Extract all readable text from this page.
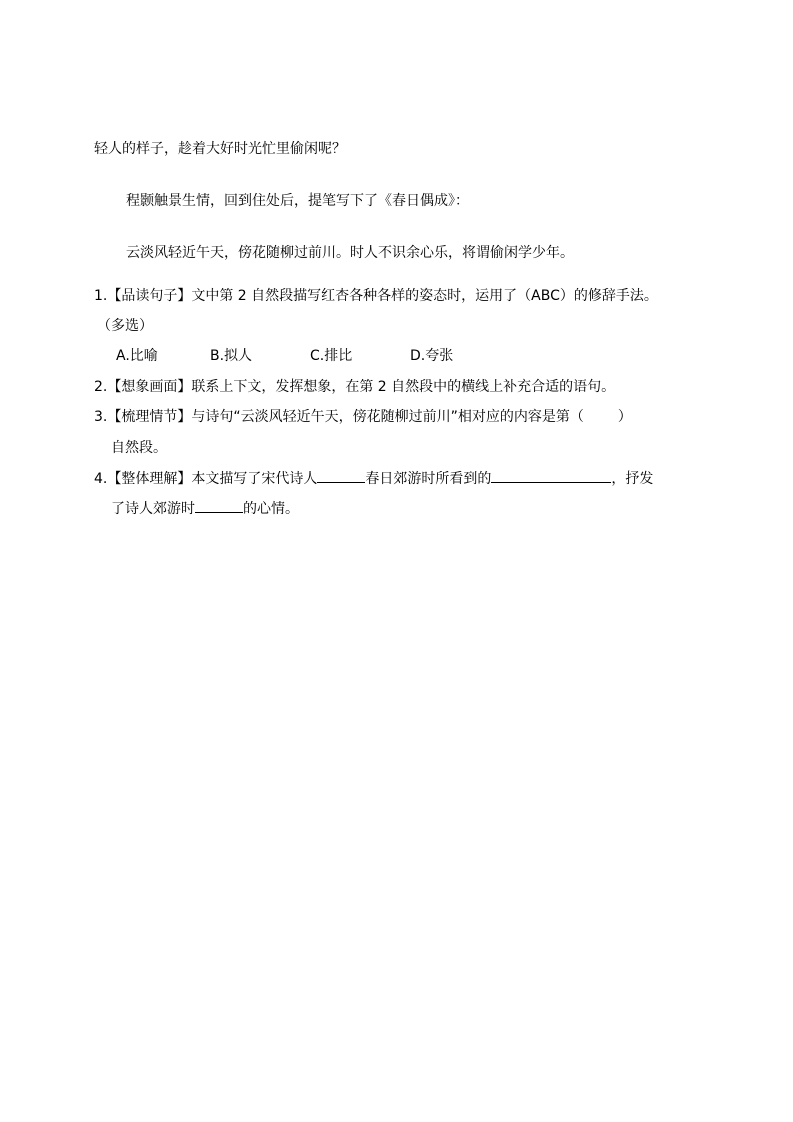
轻人的样子，趁着大好时光忙里偷闲呢？
程颢触景生情，回到住处后，提笔写下了《春日偶成》：
云淡风轻近午天，傍花随柳过前川。时人不识余心乐，将谓偷闲学少年。
1.【品读句子】文中第 2 自然段描写红杏各种各样的姿态时，运用了（ABC）的修辞手法。
（多选）
A.比喻	B.拟人	C.排比	D.夸张
2.【想象画面】联系上下文，发挥想象，在第 2 自然段中的横线上补充合适的语句。
3.【梳理情节】与诗句“云淡风轻近午天，傍花随柳过前川”相对应的内容是第（ ）
自然段。
4.【整体理解】本文描写了宋代诗人	春日郊游时所看到的	，抒发
了诗人郊游时	的心情。
